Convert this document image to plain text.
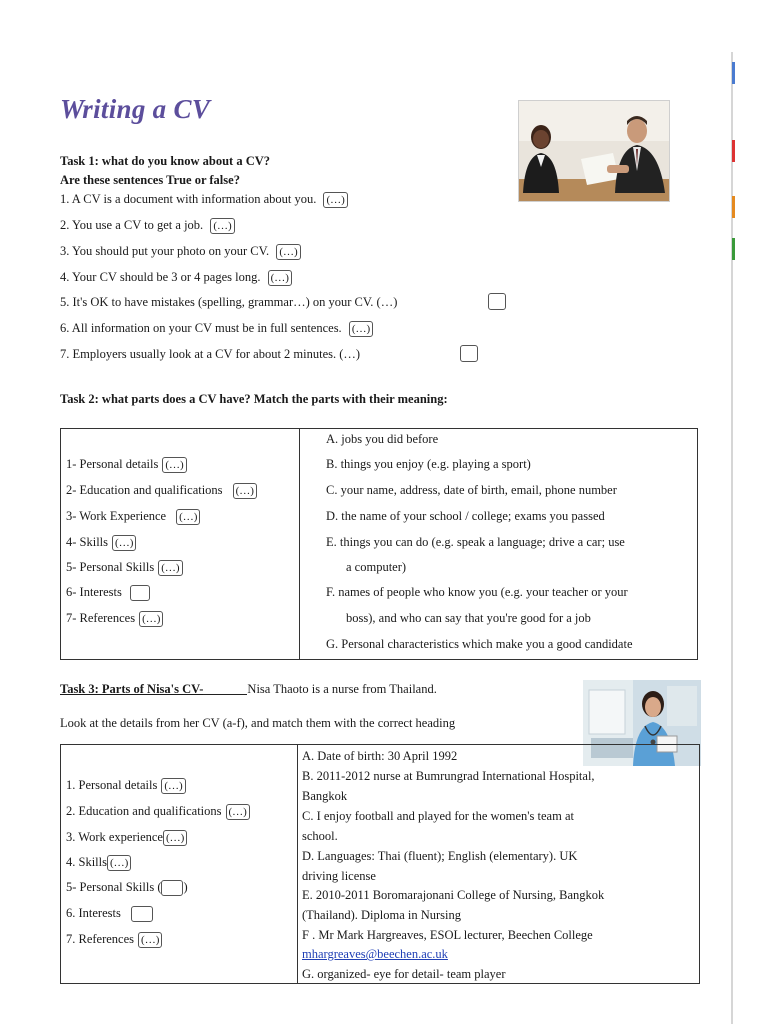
Writing a CV
Task 1: what do you know about a CV?
Are these sentences True or false?
1. A CV is a document with information about you. (…)
2. You use a CV to get a job. (…)
3. You should put your photo on your CV. (…)
4. Your CV should be 3 or 4 pages long. (…)
5. It's OK to have mistakes (spelling, grammar…) on your CV. (…)
6. All information on your CV must be in full sentences. (…)
7. Employers usually look at a CV for about 2 minutes. (…)
Task 2: what parts does a CV have? Match the parts with their meaning:

1- Personal details (…)
2- Education and qualifications (…)
3- Work Experience (…)
4- Skills (…)
5- Personal Skills (…)
6- Interests
7- References (…)
A. jobs you did before
B. things you enjoy (e.g. playing a sport)
C. your name, address, date of birth, email, phone number
D. the name of your school / college; exams you passed
E. things you can do (e.g. speak a language; drive a car; use
a computer)
F. names of people who know you (e.g. your teacher or your
boss), and who can say that you're good for a job
G. Personal characteristics which make you a good candidate
Task 3: Parts of Nisa's CV-	Nisa Thaoto is a nurse from Thailand.
Look at the details from her CV (a-f), and match them with the correct heading

1. Personal details (…)
2. Education and qualifications (…)
3. Work experience (…)
4. Skills (…)
5- Personal Skills ( )
6. Interests
7. References (…)
A. Date of birth: 30 April 1992
B. 2011-2012 nurse at Bumrungrad International Hospital,
Bangkok
C. I enjoy football and played for the women's team at
school.
D. Languages: Thai (fluent); English (elementary). UK
driving license
E. 2010-2011 Boromarajonani College of Nursing, Bangkok
(Thailand). Diploma in Nursing
F . Mr Mark Hargreaves, ESOL lecturer, Beechen College
mhargreaves@beechen.ac.uk
G. organized- eye for detail- team player
